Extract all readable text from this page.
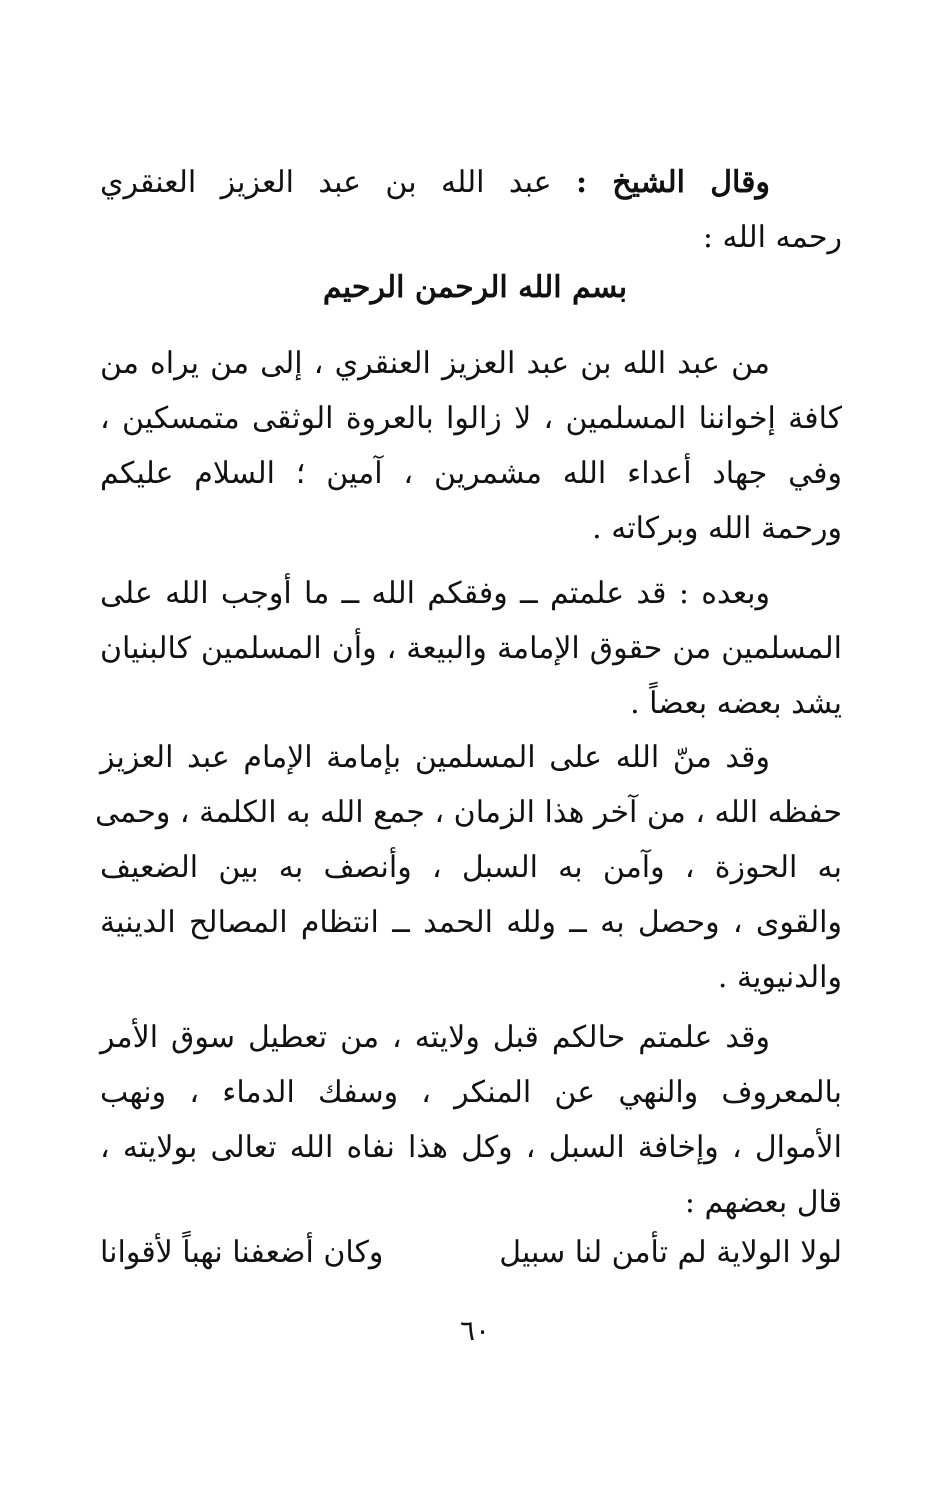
وقال الشيخ : عبد الله بن عبد العزيز العنقري
رحمه الله :
بسم الله الرحمن الرحيم
من عبد الله بن عبد العزيز العنقري ، إلى من يراه من
كافة إخواننا المسلمين ، لا زالوا بالعروة الوثقى متمسكين ،
وفي جهاد أعداء الله مشمرين ، آمين ؛ السلام عليكم
ورحمة الله وبركاته .
وبعده : قد علمتم ــ وفقكم الله ــ ما أوجب الله على
المسلمين من حقوق الإمامة والبيعة ، وأن المسلمين كالبنيان
يشد بعضه بعضاً .
وقد منّ الله على المسلمين بإمامة الإمام عبد العزيز
حفظه الله ، من آخر هذا الزمان ، جمع الله به الكلمة ، وحمى
به الحوزة ، وآمن به السبل ، وأنصف به بين الضعيف
والقوى ، وحصل به ــ ولله الحمد ــ انتظام المصالح الدينية
والدنيوية .
وقد علمتم حالكم قبل ولايته ، من تعطيل سوق الأمر
بالمعروف والنهي عن المنكر ، وسفك الدماء ، ونهب
الأموال ، وإخافة السبل ، وكل هذا نفاه الله تعالى بولايته ،
قال بعضهم :
لولا الولاية لم تأمن لنا سبيل
وكان أضعفنا نهباً لأقوانا
٦٠
